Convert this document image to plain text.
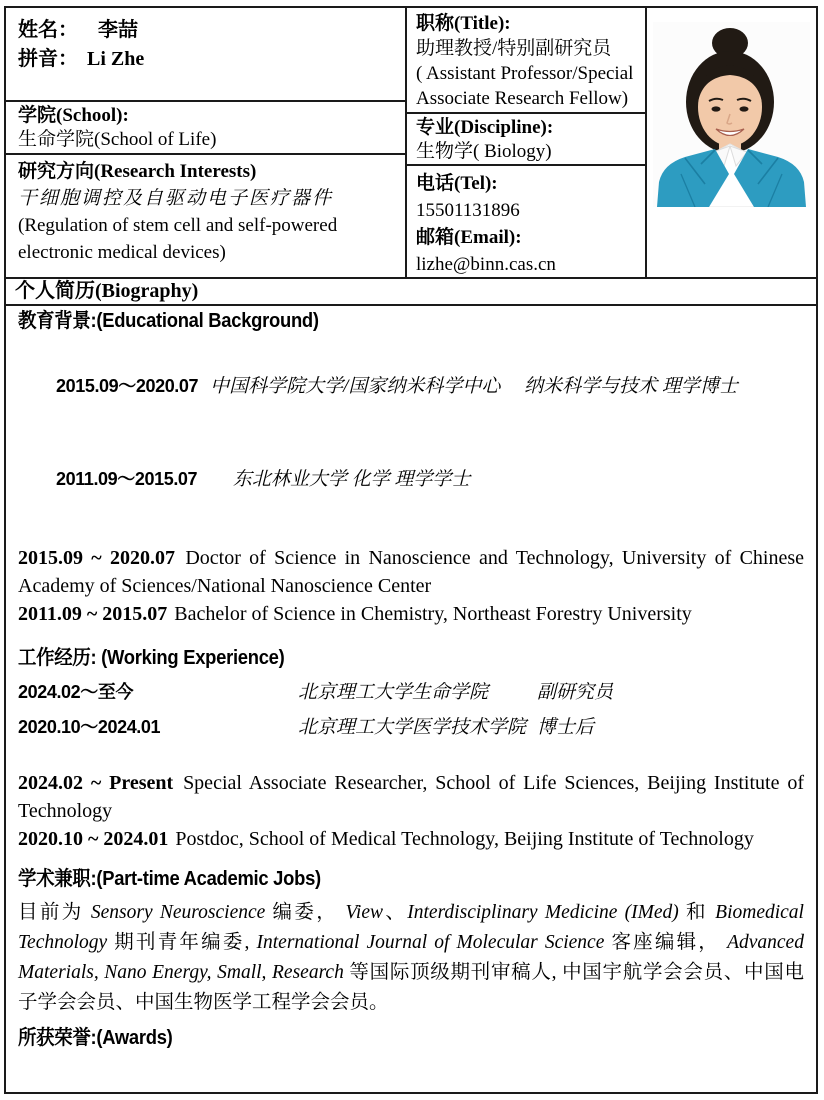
姓名： 李喆
拼音： Li Zhe
学院(School):
生命学院(School of Life)
研究方向(Research Interests)
干细胞调控及自驱动电子医疗器件
(Regulation of stem cell and self-powered
electronic medical devices)
职称(Title):
助理教授/特别副研究员
( Assistant Professor/Special
Associate Research Fellow)
专业(Discipline):
生物学( Biology)
电话(Tel):
15501131896
邮箱(Email):
lizhe@binn.cas.cn
个人简历(Biography)
教育背景:(Educational Background)

2015.09～2020.07 中国科学院大学/国家纳米科学中心　 纳米科学与技术 理学博士

2011.09～2015.07　 东北林业大学 化学 理学学士

2015.09 ~ 2020.07 Doctor of Science in Nanoscience and Technology, University of Chinese Academy of Sciences/National Nanoscience Center

2011.09 ~ 2015.07 Bachelor of Science in Chemistry, Northeast Forestry University

工作经历: (Working Experience)
2024.02～至今	北京理工大学生命学院	副研究员
2020.10～2024.01	北京理工大学医学技术学院 博士后

2024.02 ~ Present Special Associate Researcher, School of Life Sciences, Beijing Institute of Technology

2020.10 ~ 2024.01 Postdoc, School of Medical Technology, Beijing Institute of Technology

学术兼职:(Part-time Academic Jobs)

目前为 Sensory Neuroscience 编委， View、Interdisciplinary Medicine (IMed) 和 Biomedical Technology 期刊青年编委, International Journal of Molecular Science 客座编辑， Advanced Materials, Nano Energy, Small, Research 等国际顶级期刊审稿人, 中国宇航学会会员、中国电子学会会员、中国生物医学工程学会会员。

所获荣誉:(Awards)
